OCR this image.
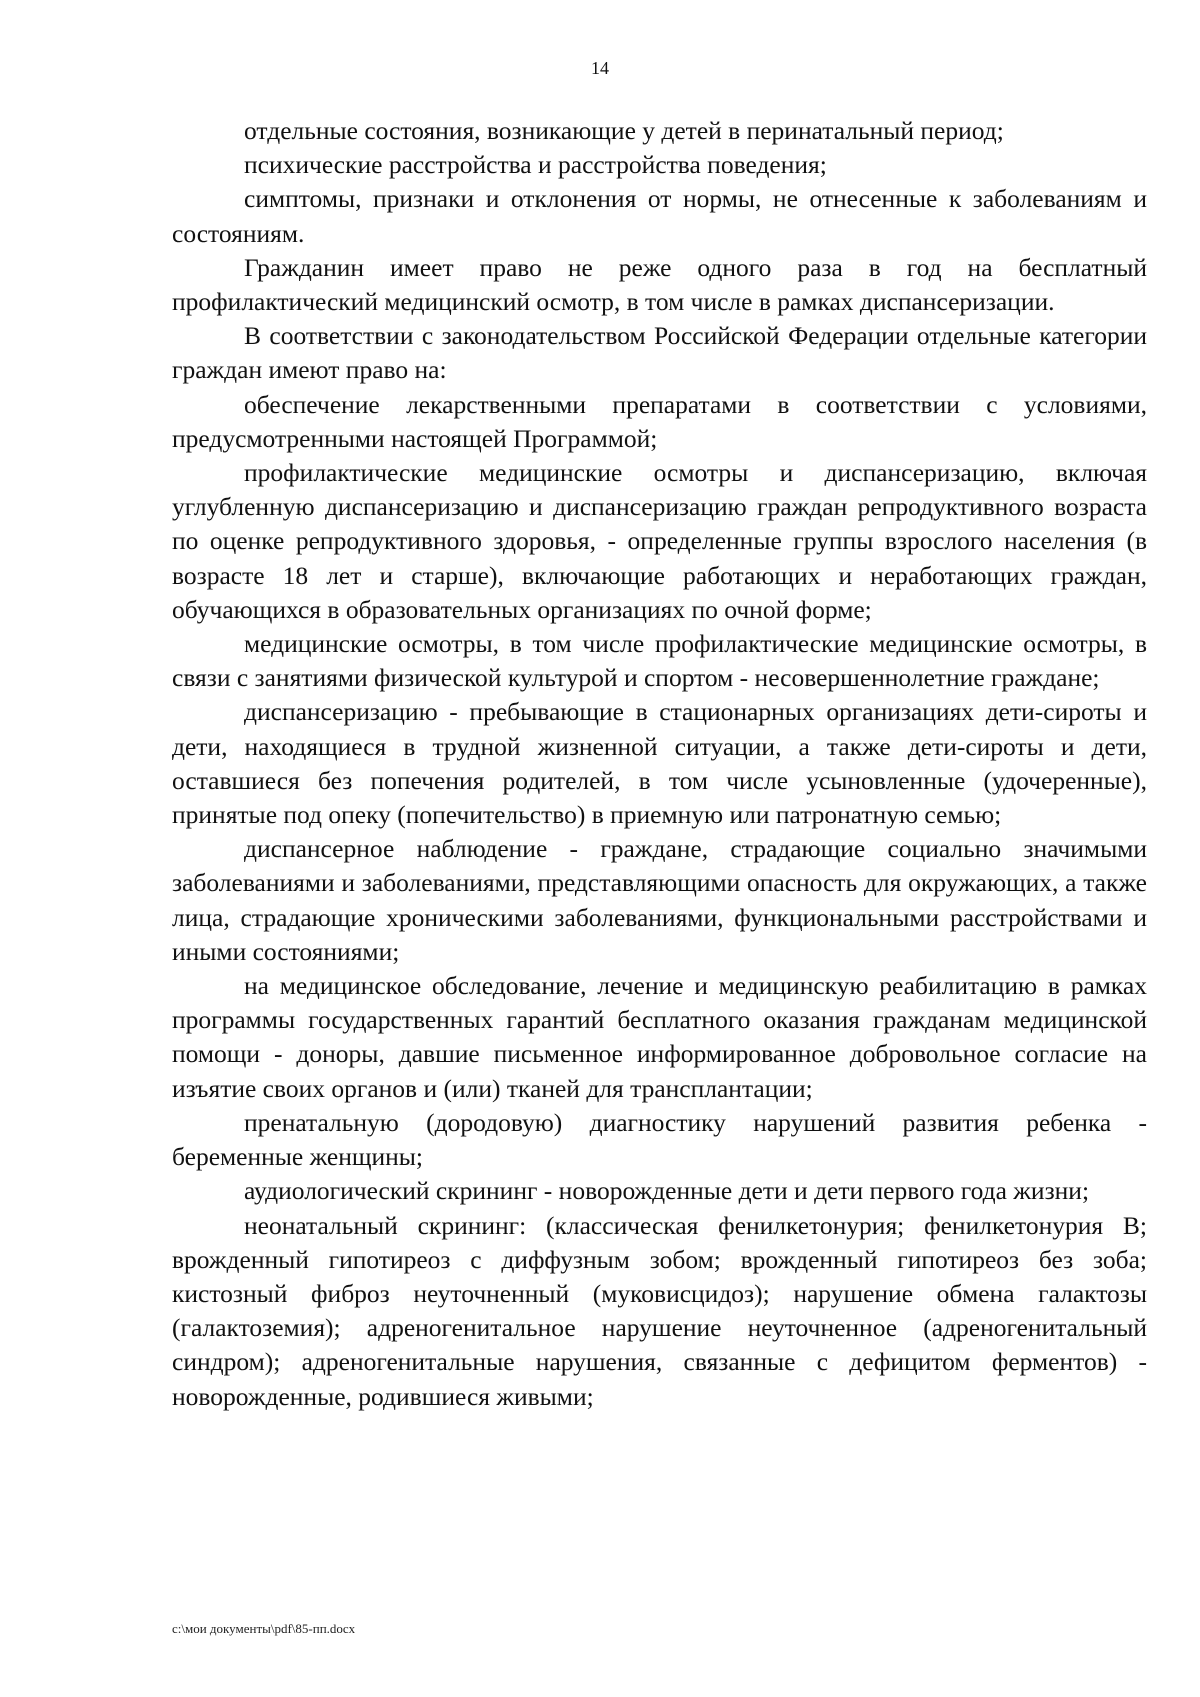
14

отдельные состояния, возникающие у детей в перинатальный период;

психические расстройства и расстройства поведения;

симптомы, признаки и отклонения от нормы, не отнесенные к заболеваниям и состояниям.

Гражданин имеет право не реже одного раза в год на бесплатный профилактический медицинский осмотр, в том числе в рамках диспансеризации.

В соответствии с законодательством Российской Федерации отдельные категории граждан имеют право на:

обеспечение лекарственными препаратами в соответствии с условиями, предусмотренными настоящей Программой;

профилактические медицинские осмотры и диспансеризацию, включая углубленную диспансеризацию и диспансеризацию граждан репродуктивного возраста по оценке репродуктивного здоровья, - определенные группы взрослого населения (в возрасте 18 лет и старше), включающие работающих и неработающих граждан, обучающихся в образовательных организациях по очной форме;

медицинские осмотры, в том числе профилактические медицинские осмотры, в связи с занятиями физической культурой и спортом - несовершеннолетние граждане;

диспансеризацию - пребывающие в стационарных организациях дети-сироты и дети, находящиеся в трудной жизненной ситуации, а также дети-сироты и дети, оставшиеся без попечения родителей, в том числе усыновленные (удочеренные), принятые под опеку (попечительство) в приемную или патронатную семью;

диспансерное наблюдение - граждане, страдающие социально значимыми заболеваниями и заболеваниями, представляющими опасность для окружающих, а также лица, страдающие хроническими заболеваниями, функциональными расстройствами и иными состояниями;

на медицинское обследование, лечение и медицинскую реабилитацию в рамках программы государственных гарантий бесплатного оказания гражданам медицинской помощи - доноры, давшие письменное информированное добровольное согласие на изъятие своих органов и (или) тканей для трансплантации;

пренатальную (дородовую) диагностику нарушений развития ребенка - беременные женщины;

аудиологический скрининг - новорожденные дети и дети первого года жизни;

неонатальный скрининг: (классическая фенилкетонурия; фенилкетонурия B; врожденный гипотиреоз с диффузным зобом; врожденный гипотиреоз без зоба; кистозный фиброз неуточненный (муковисцидоз); нарушение обмена галактозы (галактоземия); адреногенитальное нарушение неуточненное (адреногенитальный синдром); адреногенитальные нарушения, связанные с дефицитом ферментов) - новорожденные, родившиеся живыми;

c:\мои документы\pdf\85-пп.docx
